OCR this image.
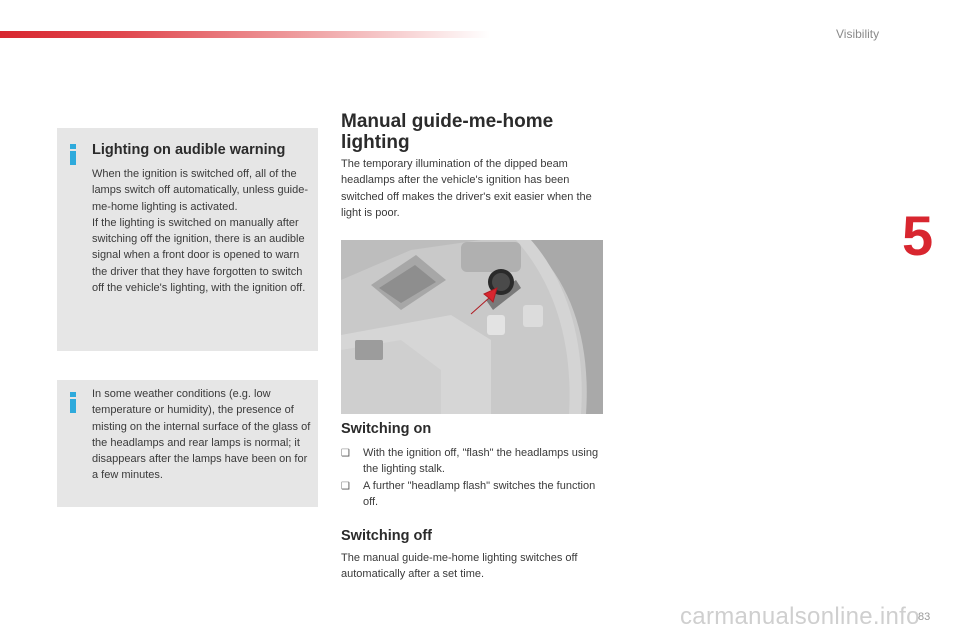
Visibility
5
Lighting on audible warning

When the ignition is switched off, all of the lamps switch off automatically, unless guide-me-home lighting is activated.

If the lighting is switched on manually after switching off the ignition, there is an audible signal when a front door is opened to warn the driver that they have forgotten to switch off the vehicle's lighting, with the ignition off.

In some weather conditions (e.g. low temperature or humidity), the presence of misting on the internal surface of the glass of the headlamps and rear lamps is normal; it disappears after the lamps have been on for a few minutes.

Manual guide-me-home lighting

The temporary illumination of the dipped beam headlamps after the vehicle's ignition has been switched off makes the driver's exit easier when the light is poor.

Switching on
❑ With the ignition off, "flash" the headlamps using the lighting stalk.
❑ A further "headlamp flash" switches the function off.
Switching off

The manual guide-me-home lighting switches off automatically after a set time.

carmanualsonline.info
83
